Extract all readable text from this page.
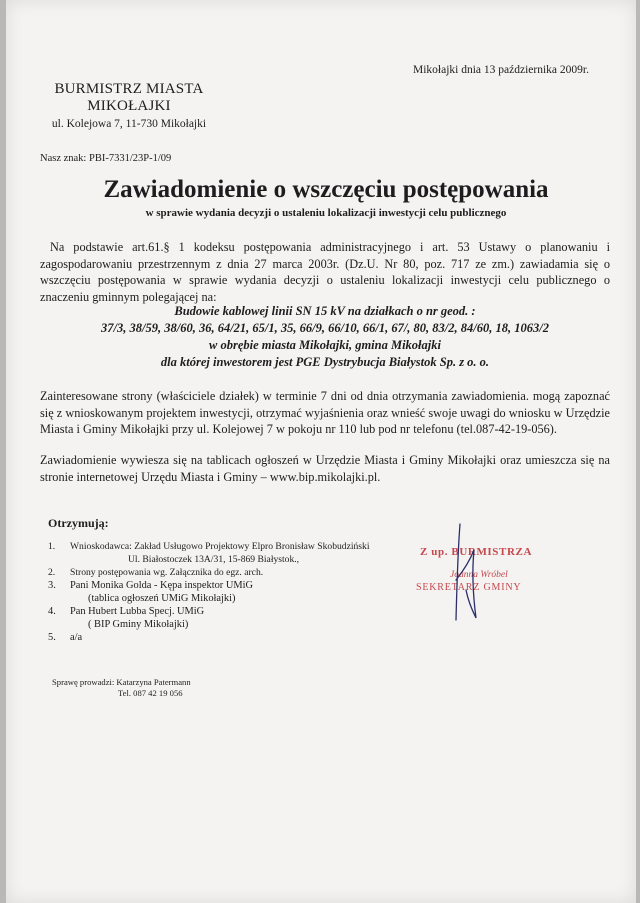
Mikołajki dnia 13 października 2009r.
BURMISTRZ MIASTA
MIKOŁAJKI
ul. Kolejowa 7, 11-730 Mikołajki
Nasz znak: PBI-7331/23P-1/09
Zawiadomienie o wszczęciu postępowania
w sprawie wydania decyzji o ustaleniu lokalizacji inwestycji celu publicznego
Na podstawie art.61.§ 1 kodeksu postępowania administracyjnego i art. 53 Ustawy o planowaniu i zagospodarowaniu przestrzennym z dnia 27 marca 2003r. (Dz.U. Nr 80, poz. 717 ze zm.) zawiadamia się o wszczęciu postępowania w sprawie wydania decyzji o ustaleniu lokalizacji inwestycji celu publicznego o znaczeniu gminnym polegającej na:
Budowie kablowej linii SN 15 kV na działkach o nr geod. :
37/3, 38/59, 38/60, 36, 64/21, 65/1, 35, 66/9, 66/10, 66/1, 67/, 80, 83/2, 84/60, 18, 1063/2
w obrębie miasta Mikołajki, gmina Mikołajki
dla której inwestorem jest PGE Dystrybucja Białystok Sp. z o. o.
Zainteresowane strony (właściciele działek) w terminie 7 dni od dnia otrzymania zawiadomienia. mogą zapoznać się z wnioskowanym projektem inwestycji, otrzymać wyjaśnienia oraz wnieść swoje uwagi do wniosku w Urzędzie Miasta i Gminy Mikołajki przy ul. Kolejowej 7 w pokoju nr 110 lub pod nr telefonu (tel.087-42-19-056).
Zawiadomienie wywiesza się na tablicach ogłoszeń w Urzędzie Miasta i Gminy Mikołajki oraz umieszcza się na stronie internetowej Urzędu Miasta i Gminy – www.bip.mikolajki.pl.
Otrzymują:
1.	Wnioskodawca: Zakład Usługowo Projektowy Elpro Bronisław Skobudziński
Ul. Białostoczek 13A/31, 15-869 Białystok.,
2.	Strony postępowania wg. Załącznika do egz. arch.
3.	Pani Monika Golda - Kępa inspektor UMiG
(tablica ogłoszeń UMiG Mikołajki)
4.	Pan Hubert Lubba Specj. UMiG
( BIP Gminy Mikołajki)
5.	a/a
Sprawę prowadzi: Katarzyna Patermann
Tel. 087 42 19 056
Z up. BURMISTRZA
Joanna Wróbel
SEKRETARZ GMINY
